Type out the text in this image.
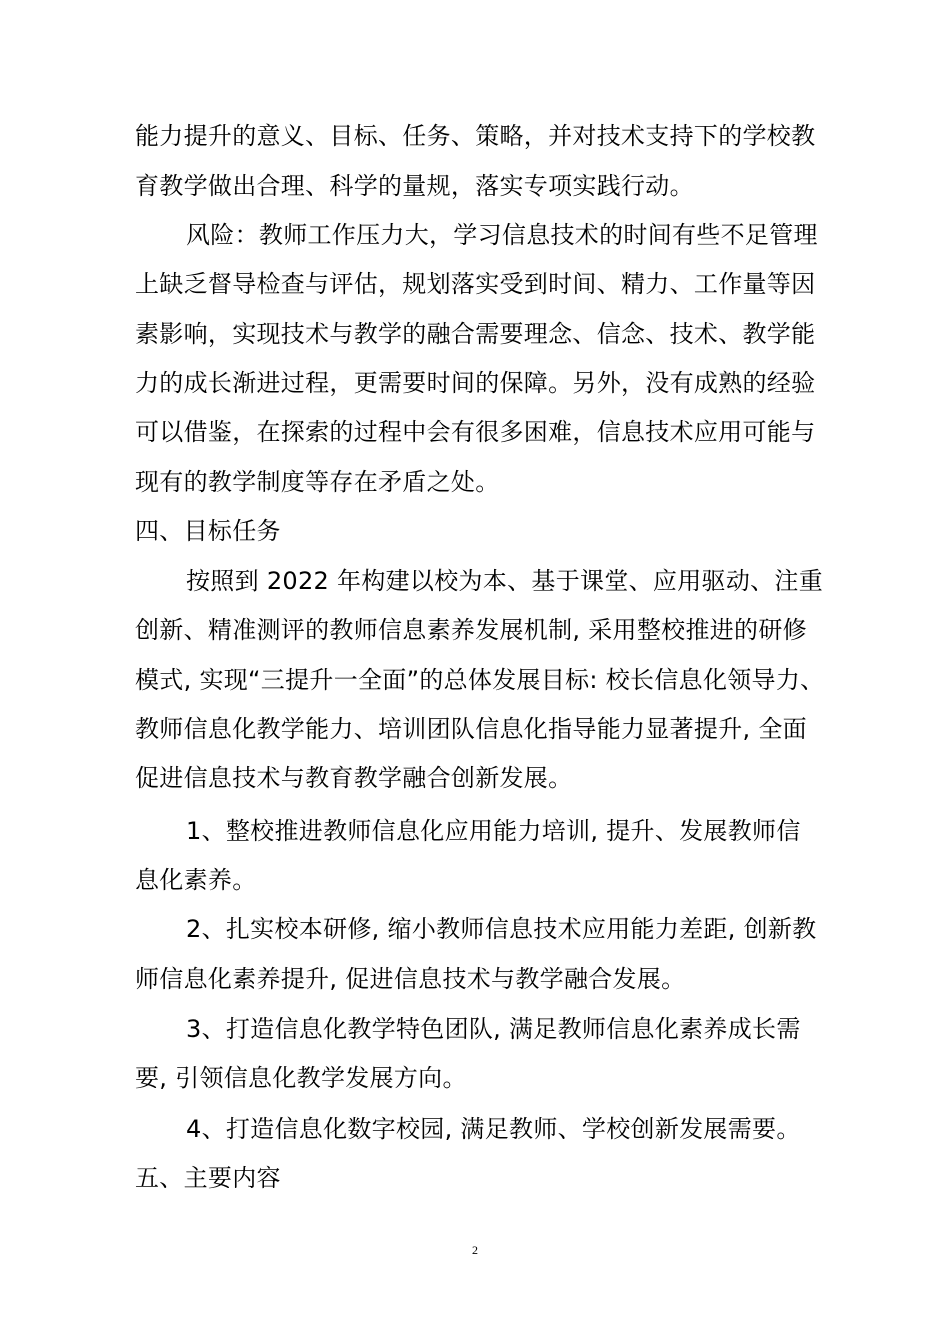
能力提升的意义、目标、任务、策略，并对技术支持下的学校教
育教学做出合理、科学的量规，落实专项实践行动。
风险：教师工作压力大，学习信息技术的时间有些不足管理
上缺乏督导检查与评估，规划落实受到时间、精力、工作量等因
素影响，实现技术与教学的融合需要理念、信念、技术、教学能
力的成长渐进过程，更需要时间的保障。另外，没有成熟的经验
可以借鉴，在探索的过程中会有很多困难，信息技术应用可能与
现有的教学制度等存在矛盾之处。
四、目标任务
按照到 2022 年构建以校为本、基于课堂、应用驱动、注重
创新、精准测评的教师信息素养发展机制, 采用整校推进的研修
模式, 实现“三提升一全面”的总体发展目标: 校长信息化领导力、
教师信息化教学能力、培训团队信息化指导能力显著提升, 全面
促进信息技术与教育教学融合创新发展。
1、整校推进教师信息化应用能力培训, 提升、发展教师信
息化素养。
2、扎实校本研修, 缩小教师信息技术应用能力差距, 创新教
师信息化素养提升, 促进信息技术与教学融合发展。
3、打造信息化教学特色团队, 满足教师信息化素养成长需
要, 引领信息化教学发展方向。
4、打造信息化数字校园, 满足教师、学校创新发展需要。
五、主要内容
2
